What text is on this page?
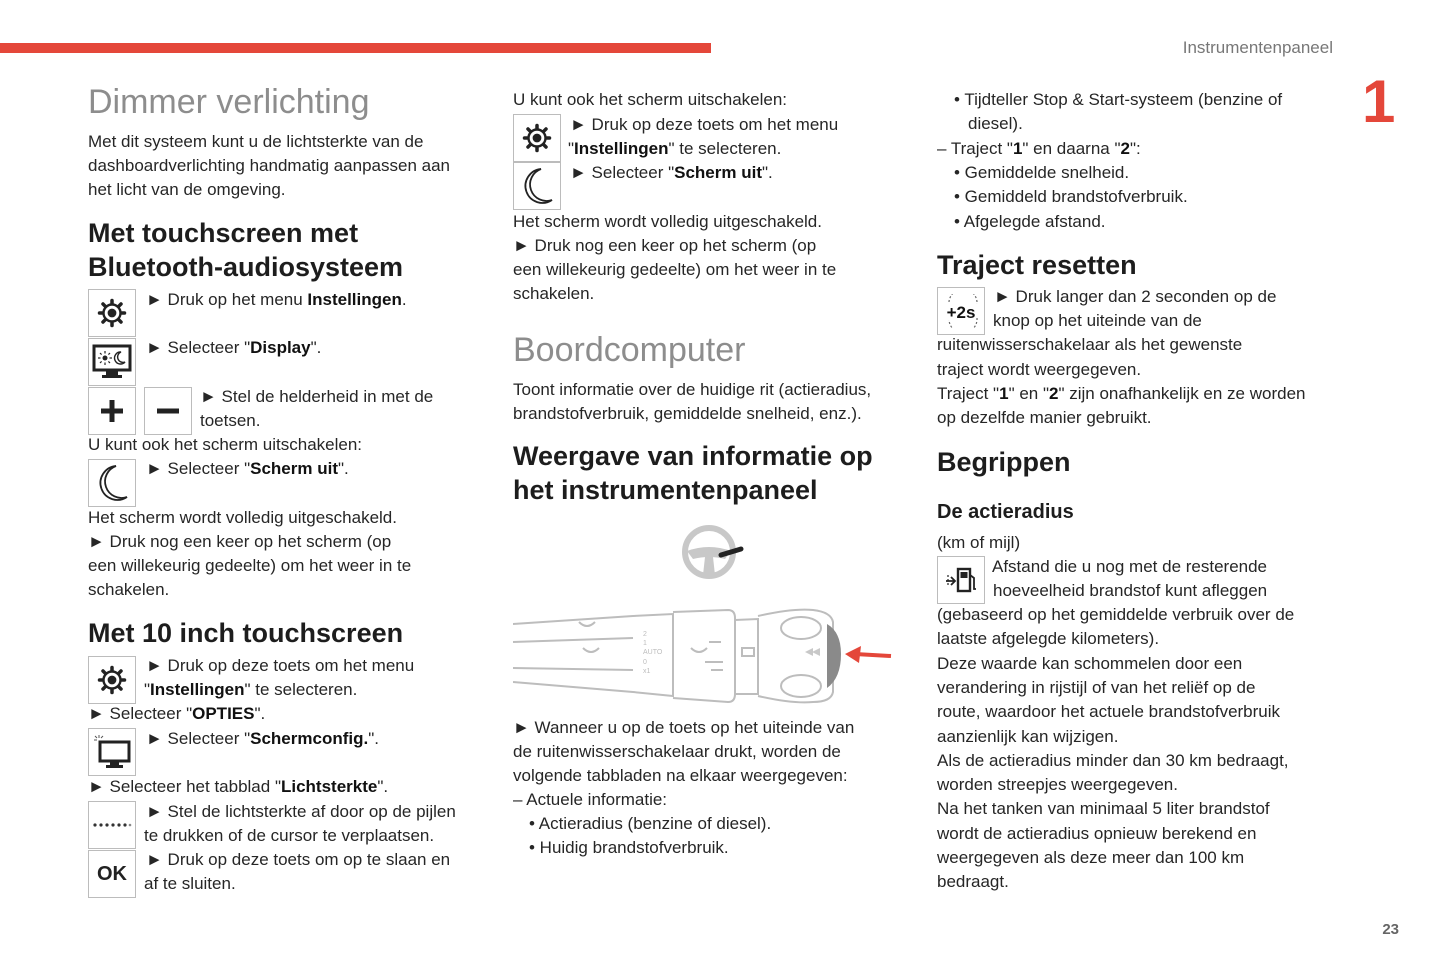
Instrumentenpaneel
1
23
Dimmer verlichting
Met dit systeem kunt u de lichtsterkte van de
dashboardverlichting handmatig aanpassen aan
het licht van de omgeving.
Met touchscreen met
Bluetooth-audiosysteem
► Druk op het menu Instellingen.
► Selecteer "Display".
► Stel de helderheid in met de
toetsen.
U kunt ook het scherm uitschakelen:
► Selecteer "Scherm uit".
Het scherm wordt volledig uitgeschakeld.
► Druk nog een keer op het scherm (op
een willekeurig gedeelte) om het weer in te
schakelen.
Met 10 inch touchscreen
► Druk op deze toets om het menu
"Instellingen" te selecteren.
► Selecteer "OPTIES".
► Selecteer "Schermconfig.".
► Selecteer het tabblad "Lichtsterkte".
► Stel de lichtsterkte af door op de pijlen
te drukken of de cursor te verplaatsen.
OK
► Druk op deze toets om op te slaan en
af te sluiten.
U kunt ook het scherm uitschakelen:
► Druk op deze toets om het menu
"Instellingen" te selecteren.
► Selecteer "Scherm uit".
Het scherm wordt volledig uitgeschakeld.
► Druk nog een keer op het scherm (op
een willekeurig gedeelte) om het weer in te
schakelen.
Boordcomputer
Toont informatie over de huidige rit (actieradius,
brandstofverbruik, gemiddelde snelheid, enz.).
Weergave van informatie op
het instrumentenpaneel
2
1
AUTO
0
x1
► Wanneer u op de toets op het uiteinde van
de ruitenwisserschakelaar drukt, worden de
volgende tabbladen na elkaar weergegeven:
– Actuele informatie:
• Actieradius (benzine of diesel).
• Huidig brandstofverbruik.
• Tijdteller Stop & Start-systeem (benzine of
diesel).
– Traject "1" en daarna "2":
• Gemiddelde snelheid.
• Gemiddeld brandstofverbruik.
• Afgelegde afstand.
Traject resetten
+2s
► Druk langer dan 2 seconden op de
knop op het uiteinde van de
ruitenwisserschakelaar als het gewenste
traject wordt weergegeven.
Traject "1" en "2" zijn onafhankelijk en ze worden
op dezelfde manier gebruikt.
Begrippen
De actieradius
(km of mijl)
Afstand die u nog met de resterende
hoeveelheid brandstof kunt afleggen
(gebaseerd op het gemiddelde verbruik over de
laatste afgelegde kilometers).
Deze waarde kan schommelen door een
verandering in rijstijl of van het reliëf op de
route, waardoor het actuele brandstofverbruik
aanzienlijk kan wijzigen.
Als de actieradius minder dan 30 km bedraagt,
worden streepjes weergegeven.
Na het tanken van minimaal 5 liter brandstof
wordt de actieradius opnieuw berekend en
weergegeven als deze meer dan 100 km
bedraagt.
